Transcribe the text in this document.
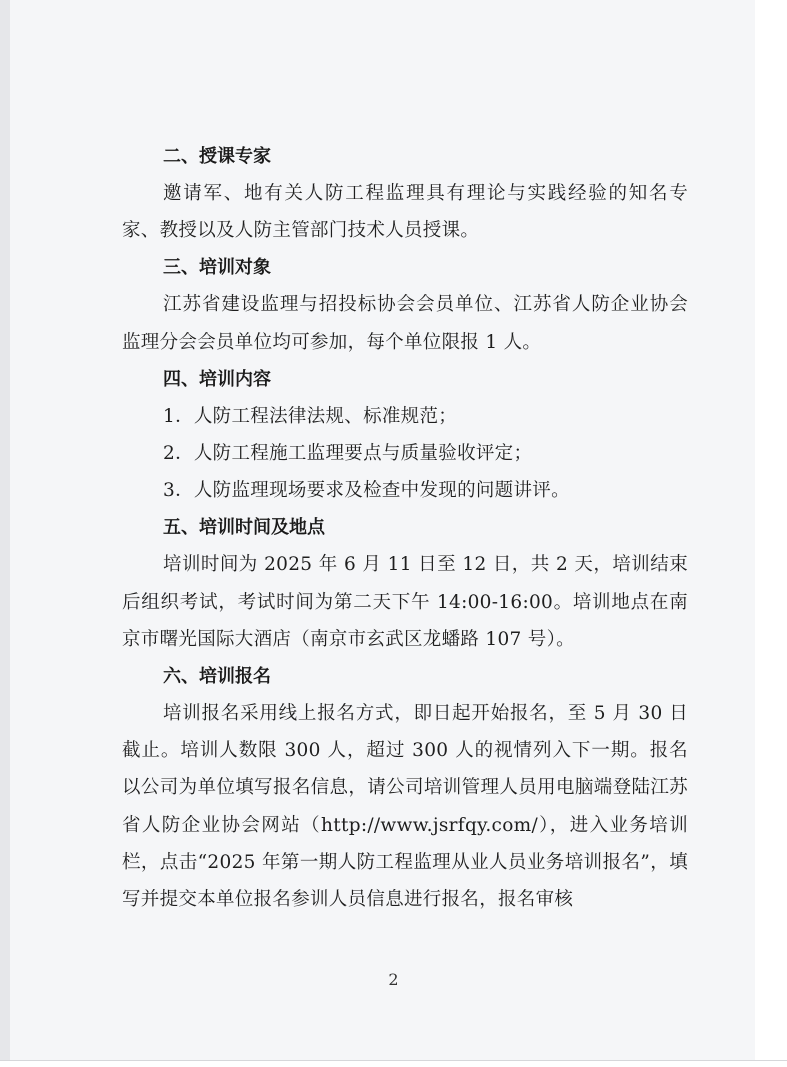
二、授课专家
邀请军、地有关人防工程监理具有理论与实践经验的知名专家、教授以及人防主管部门技术人员授课。
三、培训对象
江苏省建设监理与招投标协会会员单位、江苏省人防企业协会监理分会会员单位均可参加，每个单位限报 1 人。
四、培训内容
1．人防工程法律法规、标准规范；
2．人防工程施工监理要点与质量验收评定；
3．人防监理现场要求及检查中发现的问题讲评。
五、培训时间及地点
培训时间为 2025 年 6 月 11 日至 12 日，共 2 天，培训结束后组织考试，考试时间为第二天下午 14:00-16:00。培训地点在南京市曙光国际大酒店（南京市玄武区龙蟠路 107 号）。
六、培训报名
培训报名采用线上报名方式，即日起开始报名，至 5 月 30 日截止。培训人数限 300 人，超过 300 人的视情列入下一期。报名以公司为单位填写报名信息，请公司培训管理人员用电脑端登陆江苏省人防企业协会网站（http://www.jsrfqy.com/），进入业务培训栏，点击“2025 年第一期人防工程监理从业人员业务培训报名”，填写并提交本单位报名参训人员信息进行报名，报名审核
2
